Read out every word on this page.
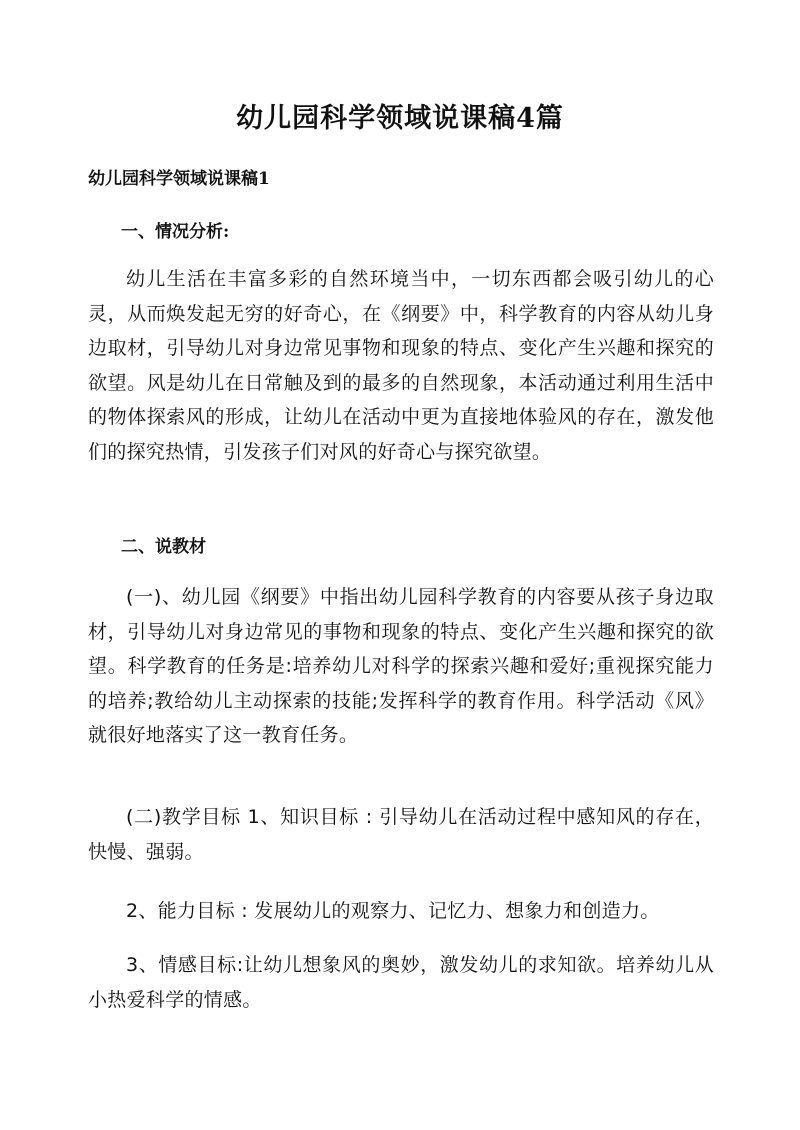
幼儿园科学领域说课稿4篇
幼儿园科学领域说课稿1
一、情况分析:

幼儿生活在丰富多彩的自然环境当中，一切东西都会吸引幼儿的心灵，从而焕发起无穷的好奇心，在《纲要》中，科学教育的内容从幼儿身边取材，引导幼儿对身边常见事物和现象的特点、变化产生兴趣和探究的欲望。风是幼儿在日常触及到的最多的自然现象，本活动通过利用生活中的物体探索风的形成，让幼儿在活动中更为直接地体验风的存在，激发他们的探究热情，引发孩子们对风的好奇心与探究欲望。

二、说教材

(一)、幼儿园《纲要》中指出幼儿园科学教育的内容要从孩子身边取材，引导幼儿对身边常见的事物和现象的特点、变化产生兴趣和探究的欲望。科学教育的任务是:培养幼儿对科学的探索兴趣和爱好;重视探究能力的培养;教给幼儿主动探索的技能;发挥科学的教育作用。科学活动《风》就很好地落实了这一教育任务。

(二)教学目标 1、知识目标 : 引导幼儿在活动过程中感知风的存在，快慢、强弱。

2、能力目标 : 发展幼儿的观察力、记忆力、想象力和创造力。

3、情感目标:让幼儿想象风的奥妙，激发幼儿的求知欲。培养幼儿从小热爱科学的情感。
